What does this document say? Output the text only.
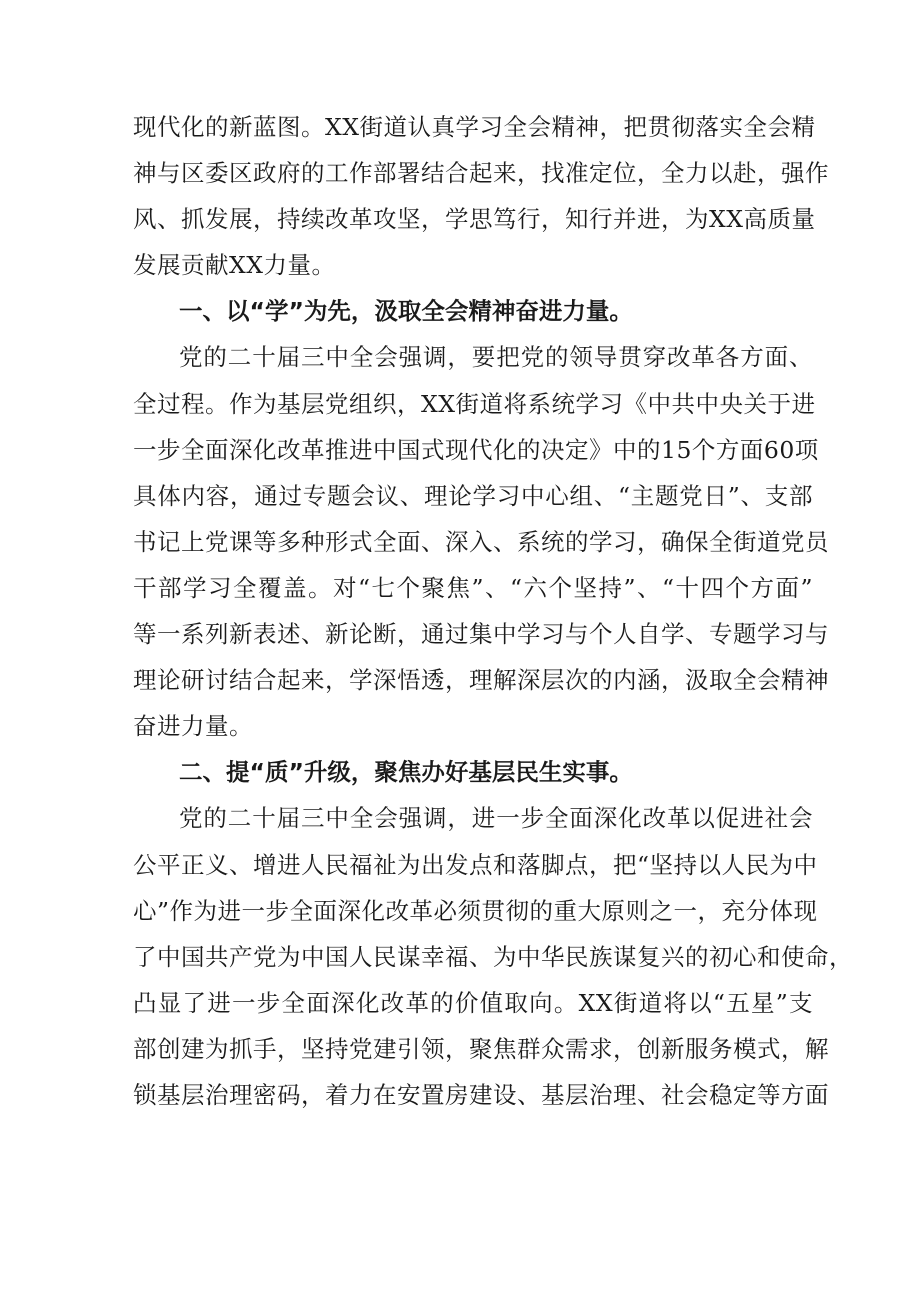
现代化的新蓝图。XX街道认真学习全会精神，把贯彻落实全会精
神与区委区政府的工作部署结合起来，找准定位，全力以赴，强作
风、抓发展，持续改革攻坚，学思笃行，知行并进，为XX高质量
发展贡献XX力量。
一、以“学”为先，汲取全会精神奋进力量。
党的二十届三中全会强调，要把党的领导贯穿改革各方面、
全过程。作为基层党组织，XX街道将系统学习《中共中央关于进
一步全面深化改革推进中国式现代化的决定》中的15个方面60项
具体内容，通过专题会议、理论学习中心组、“主题党日”、支部
书记上党课等多种形式全面、深入、系统的学习，确保全街道党员
干部学习全覆盖。对“七个聚焦”、“六个坚持”、“十四个方面”
等一系列新表述、新论断，通过集中学习与个人自学、专题学习与
理论研讨结合起来，学深悟透，理解深层次的内涵，汲取全会精神
奋进力量。
二、提“质”升级，聚焦办好基层民生实事。
党的二十届三中全会强调，进一步全面深化改革以促进社会
公平正义、增进人民福祉为出发点和落脚点，把“坚持以人民为中
心”作为进一步全面深化改革必须贯彻的重大原则之一，充分体现
了中国共产党为中国人民谋幸福、为中华民族谋复兴的初心和使命，
凸显了进一步全面深化改革的价值取向。XX街道将以“五星”支
部创建为抓手，坚持党建引领，聚焦群众需求，创新服务模式，解
锁基层治理密码，着力在安置房建设、基层治理、社会稳定等方面
